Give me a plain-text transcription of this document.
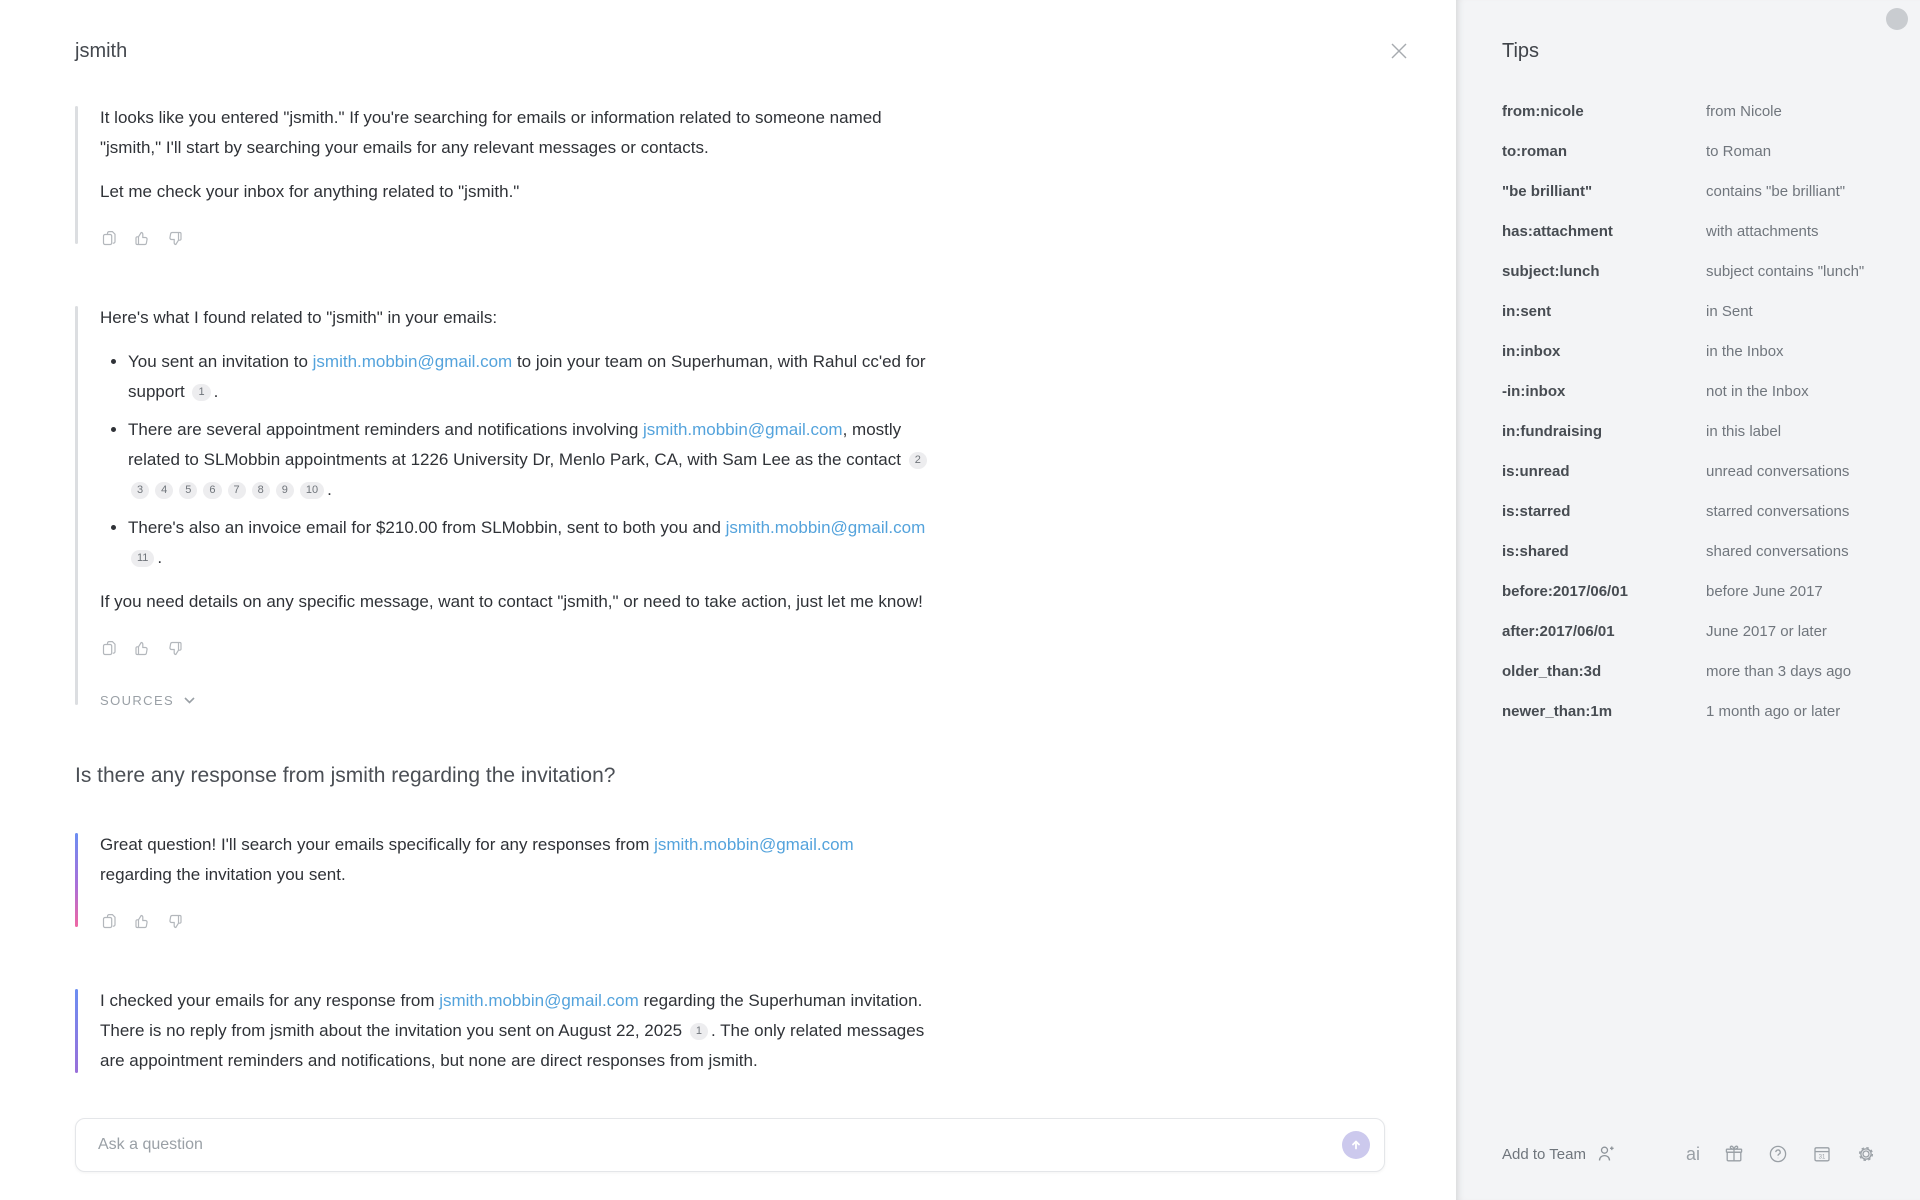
jsmith

It looks like you entered "jsmith." If you're searching for emails or information related to someone named "jsmith," I'll start by searching your emails for any relevant messages or contacts.

Let me check your inbox for anything related to "jsmith."

Here's what I found related to "jsmith" in your emails:

• You sent an invitation to jsmith.mobbin@gmail.com to join your team on Superhuman, with Rahul cc'ed for support 1 .
• There are several appointment reminders and notifications involving jsmith.mobbin@gmail.com, mostly related to SLMobbin appointments at 1226 University Dr, Menlo Park, CA, with Sam Lee as the contact 23 4 5 6 7 8 9 10 .
• There's also an invoice email for $210.00 from SLMobbin, sent to both you and jsmith.mobbin@gmail.com 11 .

If you need details on any specific message, want to contact "jsmith," or need to take action, just let me know!

SOURCES
Is there any response from jsmith regarding the invitation?

Great question! I'll search your emails specifically for any responses from jsmith.mobbin@gmail.com regarding the invitation you sent.

I checked your emails for any response from jsmith.mobbin@gmail.com regarding the Superhuman invitation. There is no reply from jsmith about the invitation you sent on August 22, 2025 1 . The only related messages are appointment reminders and notifications, but none are direct responses from jsmith.

Ask a question
Tips
from:nicole	from Nicole
to:roman	to Roman
"be brilliant"	contains "be brilliant"
has:attachment	with attachments
subject:lunch	subject contains "lunch"
in:sent	in Sent
in:inbox	in the Inbox
-in:inbox	not in the Inbox
in:fundraising	in this label
is:unread	unread conversations
is:starred	starred conversations
is:shared	shared conversations
before:2017/06/01	before June 2017
after:2017/06/01	June 2017 or later
older_than:3d	more than 3 days ago
newer_than:1m	1 month ago or later
Add to Team	ai	31
